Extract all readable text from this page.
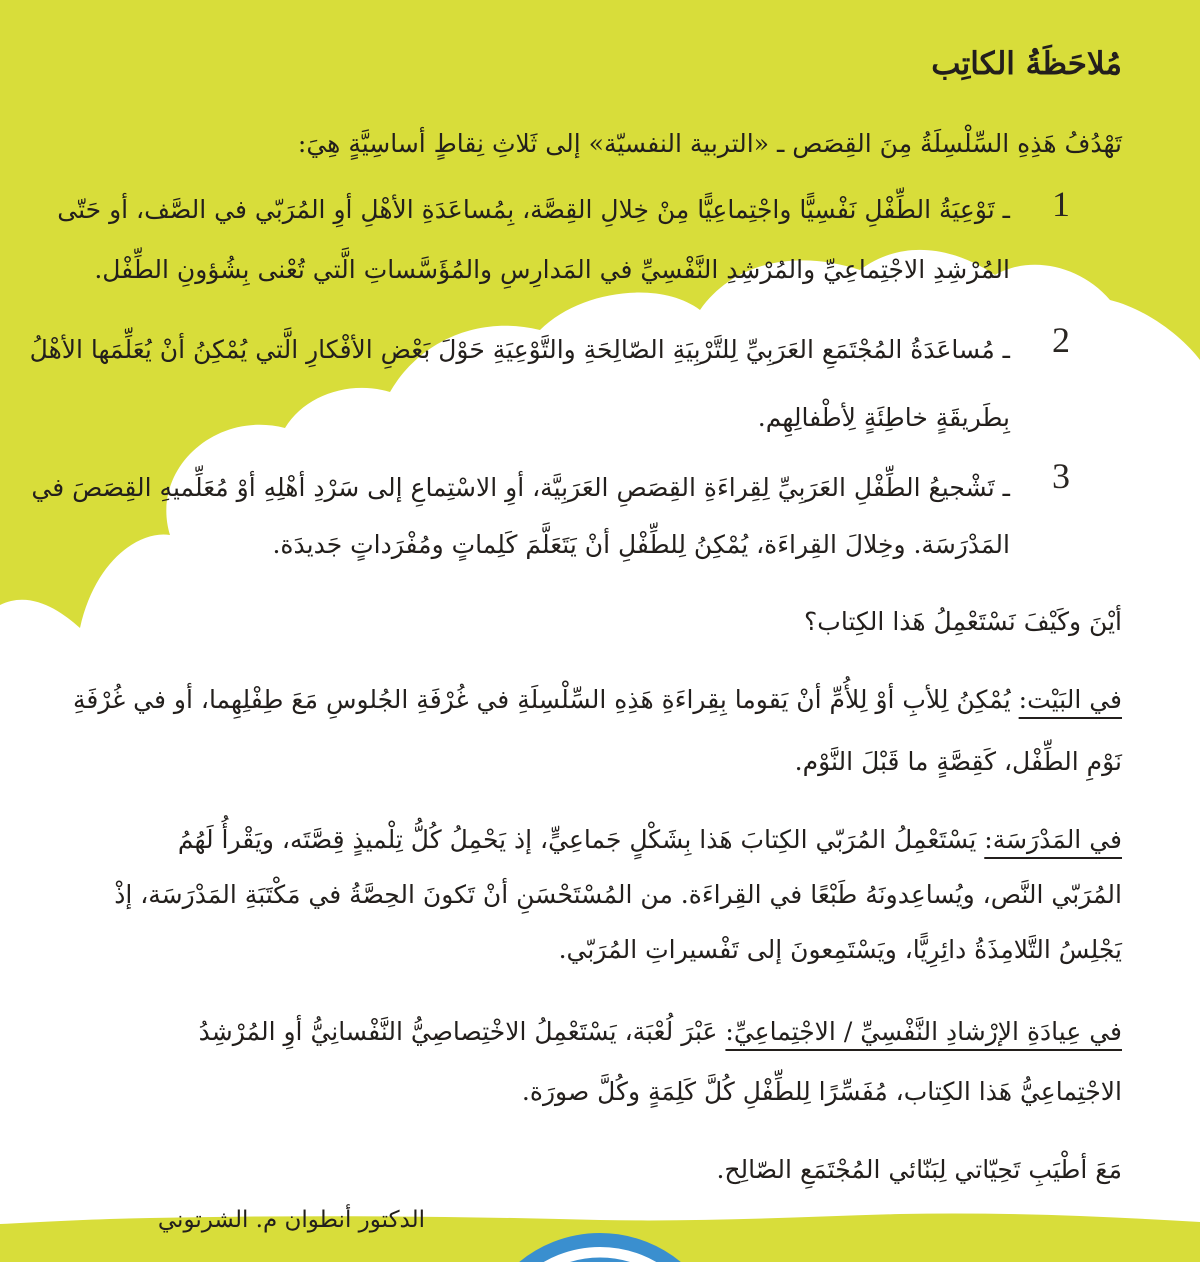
مُلاحَظَةُ الكاتِب
تَهْدُفُ هَذِهِ السِّلْسِلَةُ مِنَ القِصَص ـ «التربية النفسيّة» إلى ثَلاثِ نِقاطٍ أساسِيَّةٍ هِيَ:
1
ـ تَوْعِيَةُ الطِّفْلِ نَفْسِيًّا واجْتِماعِيًّا مِنْ خِلالِ القِصَّة، بِمُساعَدَةِ الأهْلِ أوِ المُرَبّي في الصَّف، أو حَتّى
المُرْشِدِ الاجْتِماعِيِّ والمُرْشِدِ النَّفْسِيِّ في المَدارِسِ والمُؤَسَّساتِ الَّتي تُعْنى بِشُؤونِ الطِّفْل.
2
ـ مُساعَدَةُ المُجْتَمَعِ العَرَبِيِّ لِلتَّرْبِيَةِ الصّالِحَةِ والتَّوْعِيَةِ حَوْلَ بَعْضِ الأفْكارِ الَّتي يُمْكِنُ أنْ يُعَلِّمَها الأهْلُ
بِطَريقَةٍ خاطِئَةٍ لِأطْفالِهِم.
3
ـ تَشْجيعُ الطِّفْلِ العَرَبِيِّ لِقِراءَةِ القِصَصِ العَرَبِيَّة، أوِ الاسْتِماعِ إلى سَرْدِ أهْلِهِ أوْ مُعَلِّميهِ القِصَصَ في
المَدْرَسَة. وخِلالَ القِراءَة، يُمْكِنُ لِلطِّفْلِ أنْ يَتَعَلَّمَ كَلِماتٍ ومُفْرَداتٍ جَديدَة.
أيْنَ وكَيْفَ نَسْتَعْمِلُ هَذا الكِتاب؟
في البَيْت: يُمْكِنُ لِلأبِ أوْ لِلأُمِّ أنْ يَقوما بِقِراءَةِ هَذِهِ السِّلْسِلَةِ في غُرْفَةِ الجُلوسِ مَعَ طِفْلِهِما، أو في غُرْفَةِ
نَوْمِ الطِّفْل، كَقِصَّةٍ ما قَبْلَ النَّوْم.
في المَدْرَسَة: يَسْتَعْمِلُ المُرَبّي الكِتابَ هَذا بِشَكْلٍ جَماعِيٍّ، إذ يَحْمِلُ كُلُّ تِلْميذٍ قِصَّتَه، ويَقْرأُ لَهُمُ
المُرَبّي النَّص، ويُساعِدونَهُ طَبْعًا في القِراءَة. من المُسْتَحْسَنِ أنْ تَكونَ الحِصَّةُ في مَكْتَبَةِ المَدْرَسَة، إذْ
يَجْلِسُ التَّلامِذَةُ دائِرِيًّا، ويَسْتَمِعونَ إلى تَفْسيراتِ المُرَبّي.
في عِيادَةِ الإرْشادِ النَّفْسِيِّ / الاجْتِماعِيِّ: عَبْرَ لُعْبَة، يَسْتَعْمِلُ الاخْتِصاصِيُّ النَّفْسانِيُّ أوِ المُرْشِدُ
الاجْتِماعِيُّ هَذا الكِتاب، مُفَسِّرًا لِلطِّفْلِ كُلَّ كَلِمَةٍ وكُلَّ صورَة.
مَعَ أطْيَبِ تَحِيّاتي لِبَنّائي المُجْتَمَعِ الصّالِح.
الدكتور أنطوان م. الشرتوني
